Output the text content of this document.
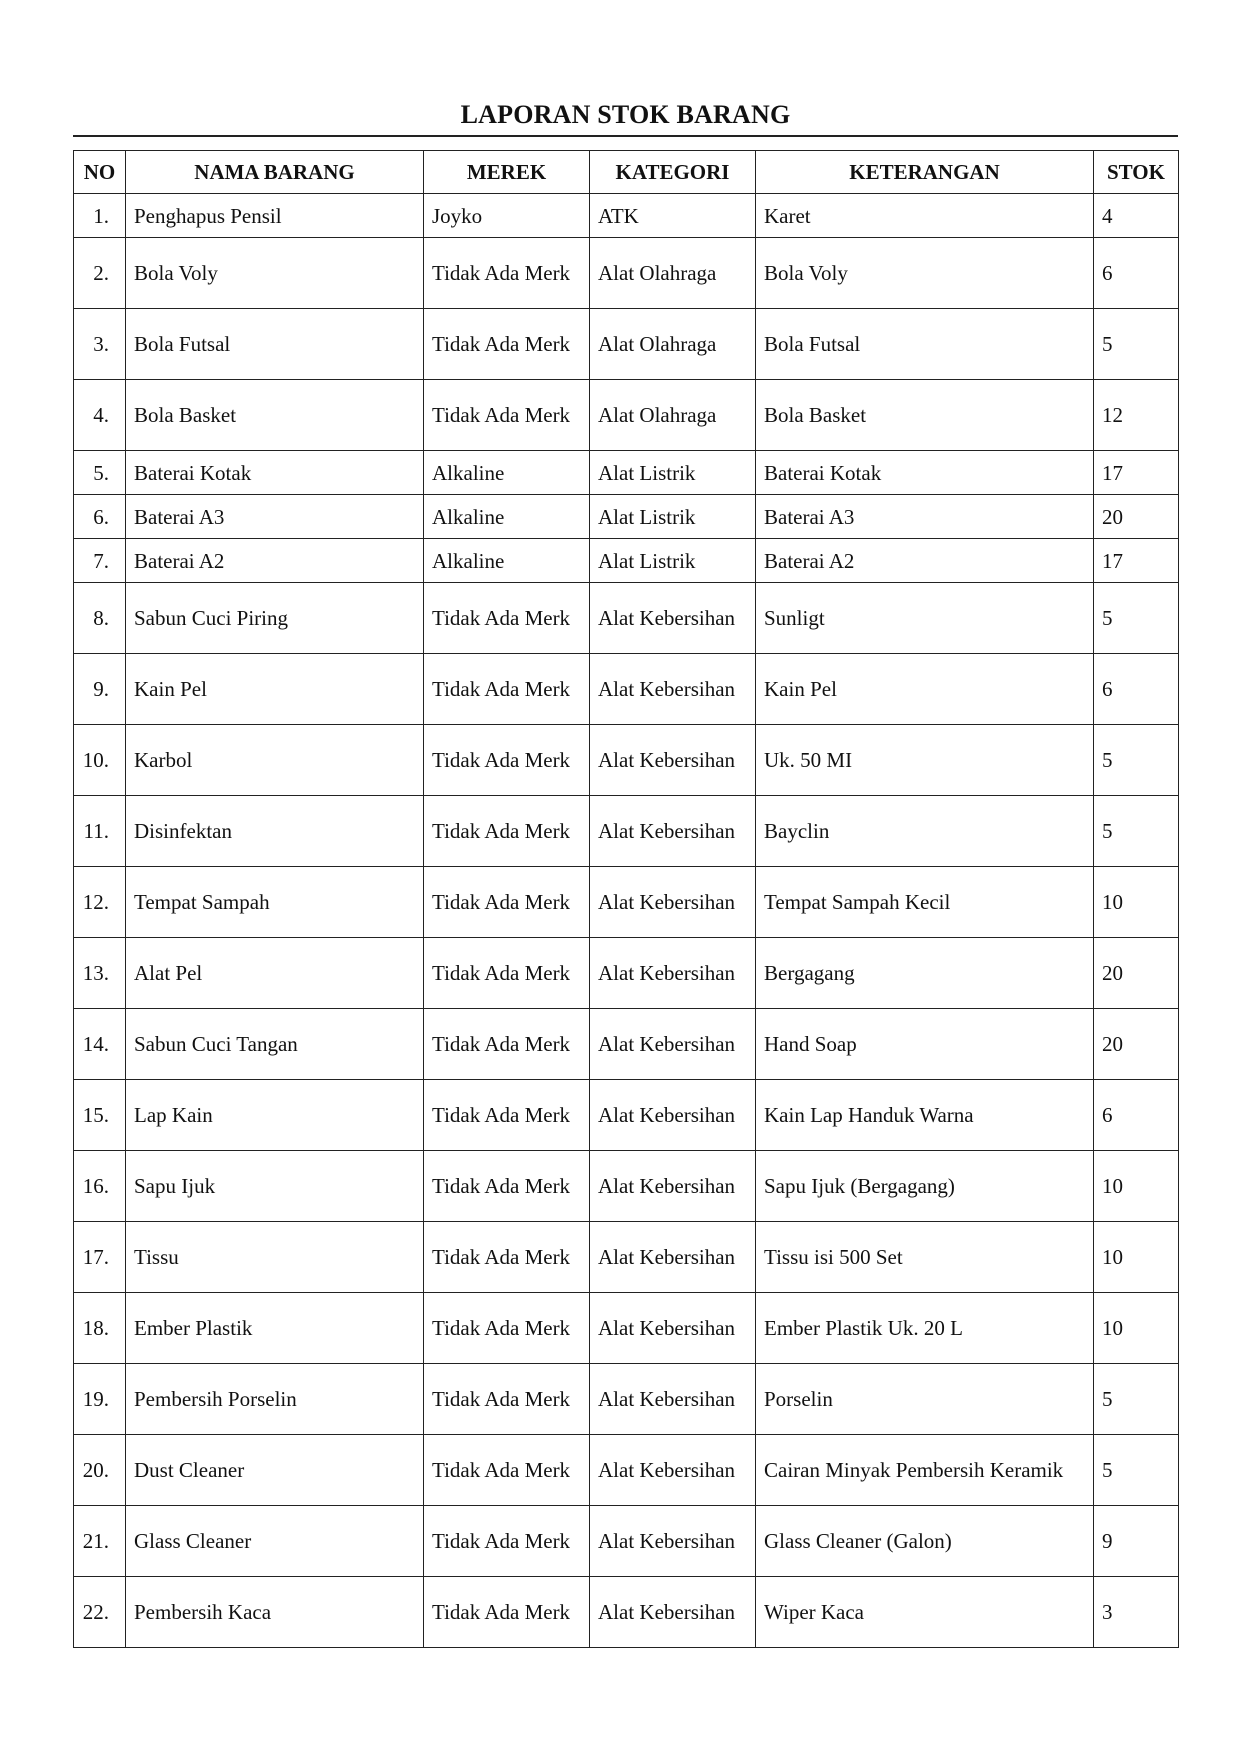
LAPORAN STOK BARANG
NO	NAMA BARANG	MEREK	KATEGORI	KETERANGAN	STOK
1.	Penghapus Pensil	Joyko	ATK	Karet	4
2.	Bola Voly	Tidak Ada Merk	Alat Olahraga	Bola Voly	6
3.	Bola Futsal	Tidak Ada Merk	Alat Olahraga	Bola Futsal	5
4.	Bola Basket	Tidak Ada Merk	Alat Olahraga	Bola Basket	12
5.	Baterai Kotak	Alkaline	Alat Listrik	Baterai Kotak	17
6.	Baterai A3	Alkaline	Alat Listrik	Baterai A3	20
7.	Baterai A2	Alkaline	Alat Listrik	Baterai A2	17
8.	Sabun Cuci Piring	Tidak Ada Merk	Alat Kebersihan	Sunligt	5
9.	Kain Pel	Tidak Ada Merk	Alat Kebersihan	Kain Pel	6
10.	Karbol	Tidak Ada Merk	Alat Kebersihan	Uk. 50 MI	5
11.	Disinfektan	Tidak Ada Merk	Alat Kebersihan	Bayclin	5
12.	Tempat Sampah	Tidak Ada Merk	Alat Kebersihan	Tempat Sampah Kecil	10
13.	Alat Pel	Tidak Ada Merk	Alat Kebersihan	Bergagang	20
14.	Sabun Cuci Tangan	Tidak Ada Merk	Alat Kebersihan	Hand Soap	20
15.	Lap Kain	Tidak Ada Merk	Alat Kebersihan	Kain Lap Handuk Warna	6
16.	Sapu Ijuk	Tidak Ada Merk	Alat Kebersihan	Sapu Ijuk (Bergagang)	10
17.	Tissu	Tidak Ada Merk	Alat Kebersihan	Tissu isi 500 Set	10
18.	Ember Plastik	Tidak Ada Merk	Alat Kebersihan	Ember Plastik Uk. 20 L	10
19.	Pembersih Porselin	Tidak Ada Merk	Alat Kebersihan	Porselin	5
20.	Dust Cleaner	Tidak Ada Merk	Alat Kebersihan	Cairan Minyak Pembersih Keramik	5
21.	Glass Cleaner	Tidak Ada Merk	Alat Kebersihan	Glass Cleaner (Galon)	9
22.	Pembersih Kaca	Tidak Ada Merk	Alat Kebersihan	Wiper Kaca	3
